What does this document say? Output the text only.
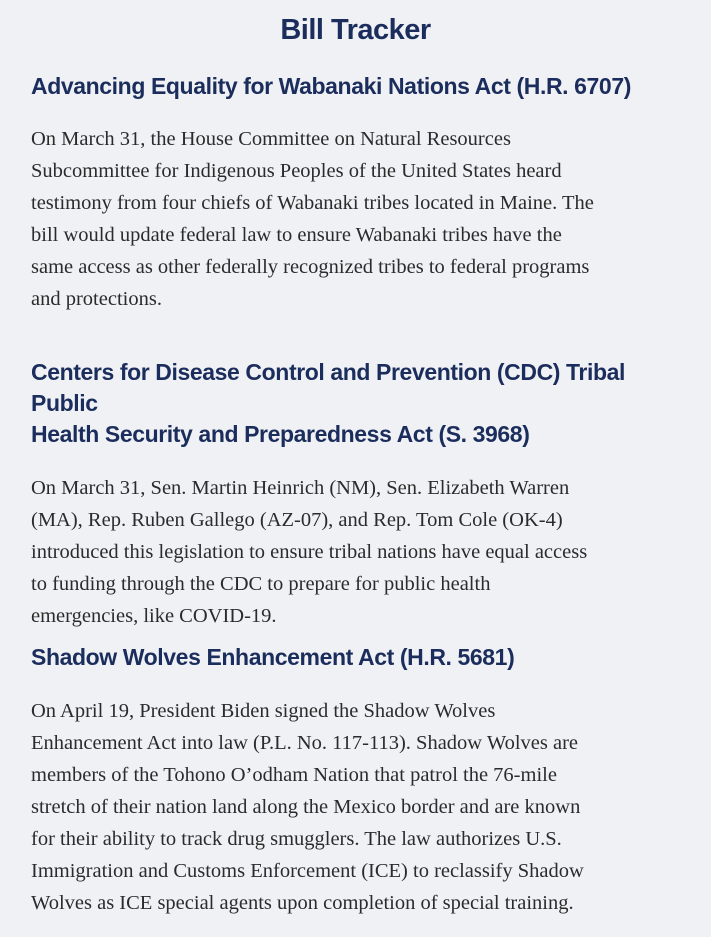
Bill Tracker
Advancing Equality for Wabanaki Nations Act (H.R. 6707)

On March 31, the House Committee on Natural Resources
Subcommittee for Indigenous Peoples of the United States heard
testimony from four chiefs of Wabanaki tribes located in Maine. The
bill would update federal law to ensure Wabanaki tribes have the
same access as other federally recognized tribes to federal programs
and protections.

Centers for Disease Control and Prevention (CDC) Tribal Public
Health Security and Preparedness Act (S. 3968)

On March 31, Sen. Martin Heinrich (NM), Sen. Elizabeth Warren
(MA), Rep. Ruben Gallego (AZ-07), and Rep. Tom Cole (OK-4)
introduced this legislation to ensure tribal nations have equal access
to funding through the CDC to prepare for public health
emergencies, like COVID-19.

Shadow Wolves Enhancement Act (H.R. 5681)

On April 19, President Biden signed the Shadow Wolves
Enhancement Act into law (P.L. No. 117-113). Shadow Wolves are
members of the Tohono O’odham Nation that patrol the 76-mile
stretch of their nation land along the Mexico border and are known
for their ability to track drug smugglers. The law authorizes U.S.
Immigration and Customs Enforcement (ICE) to reclassify Shadow
Wolves as ICE special agents upon completion of special training.
